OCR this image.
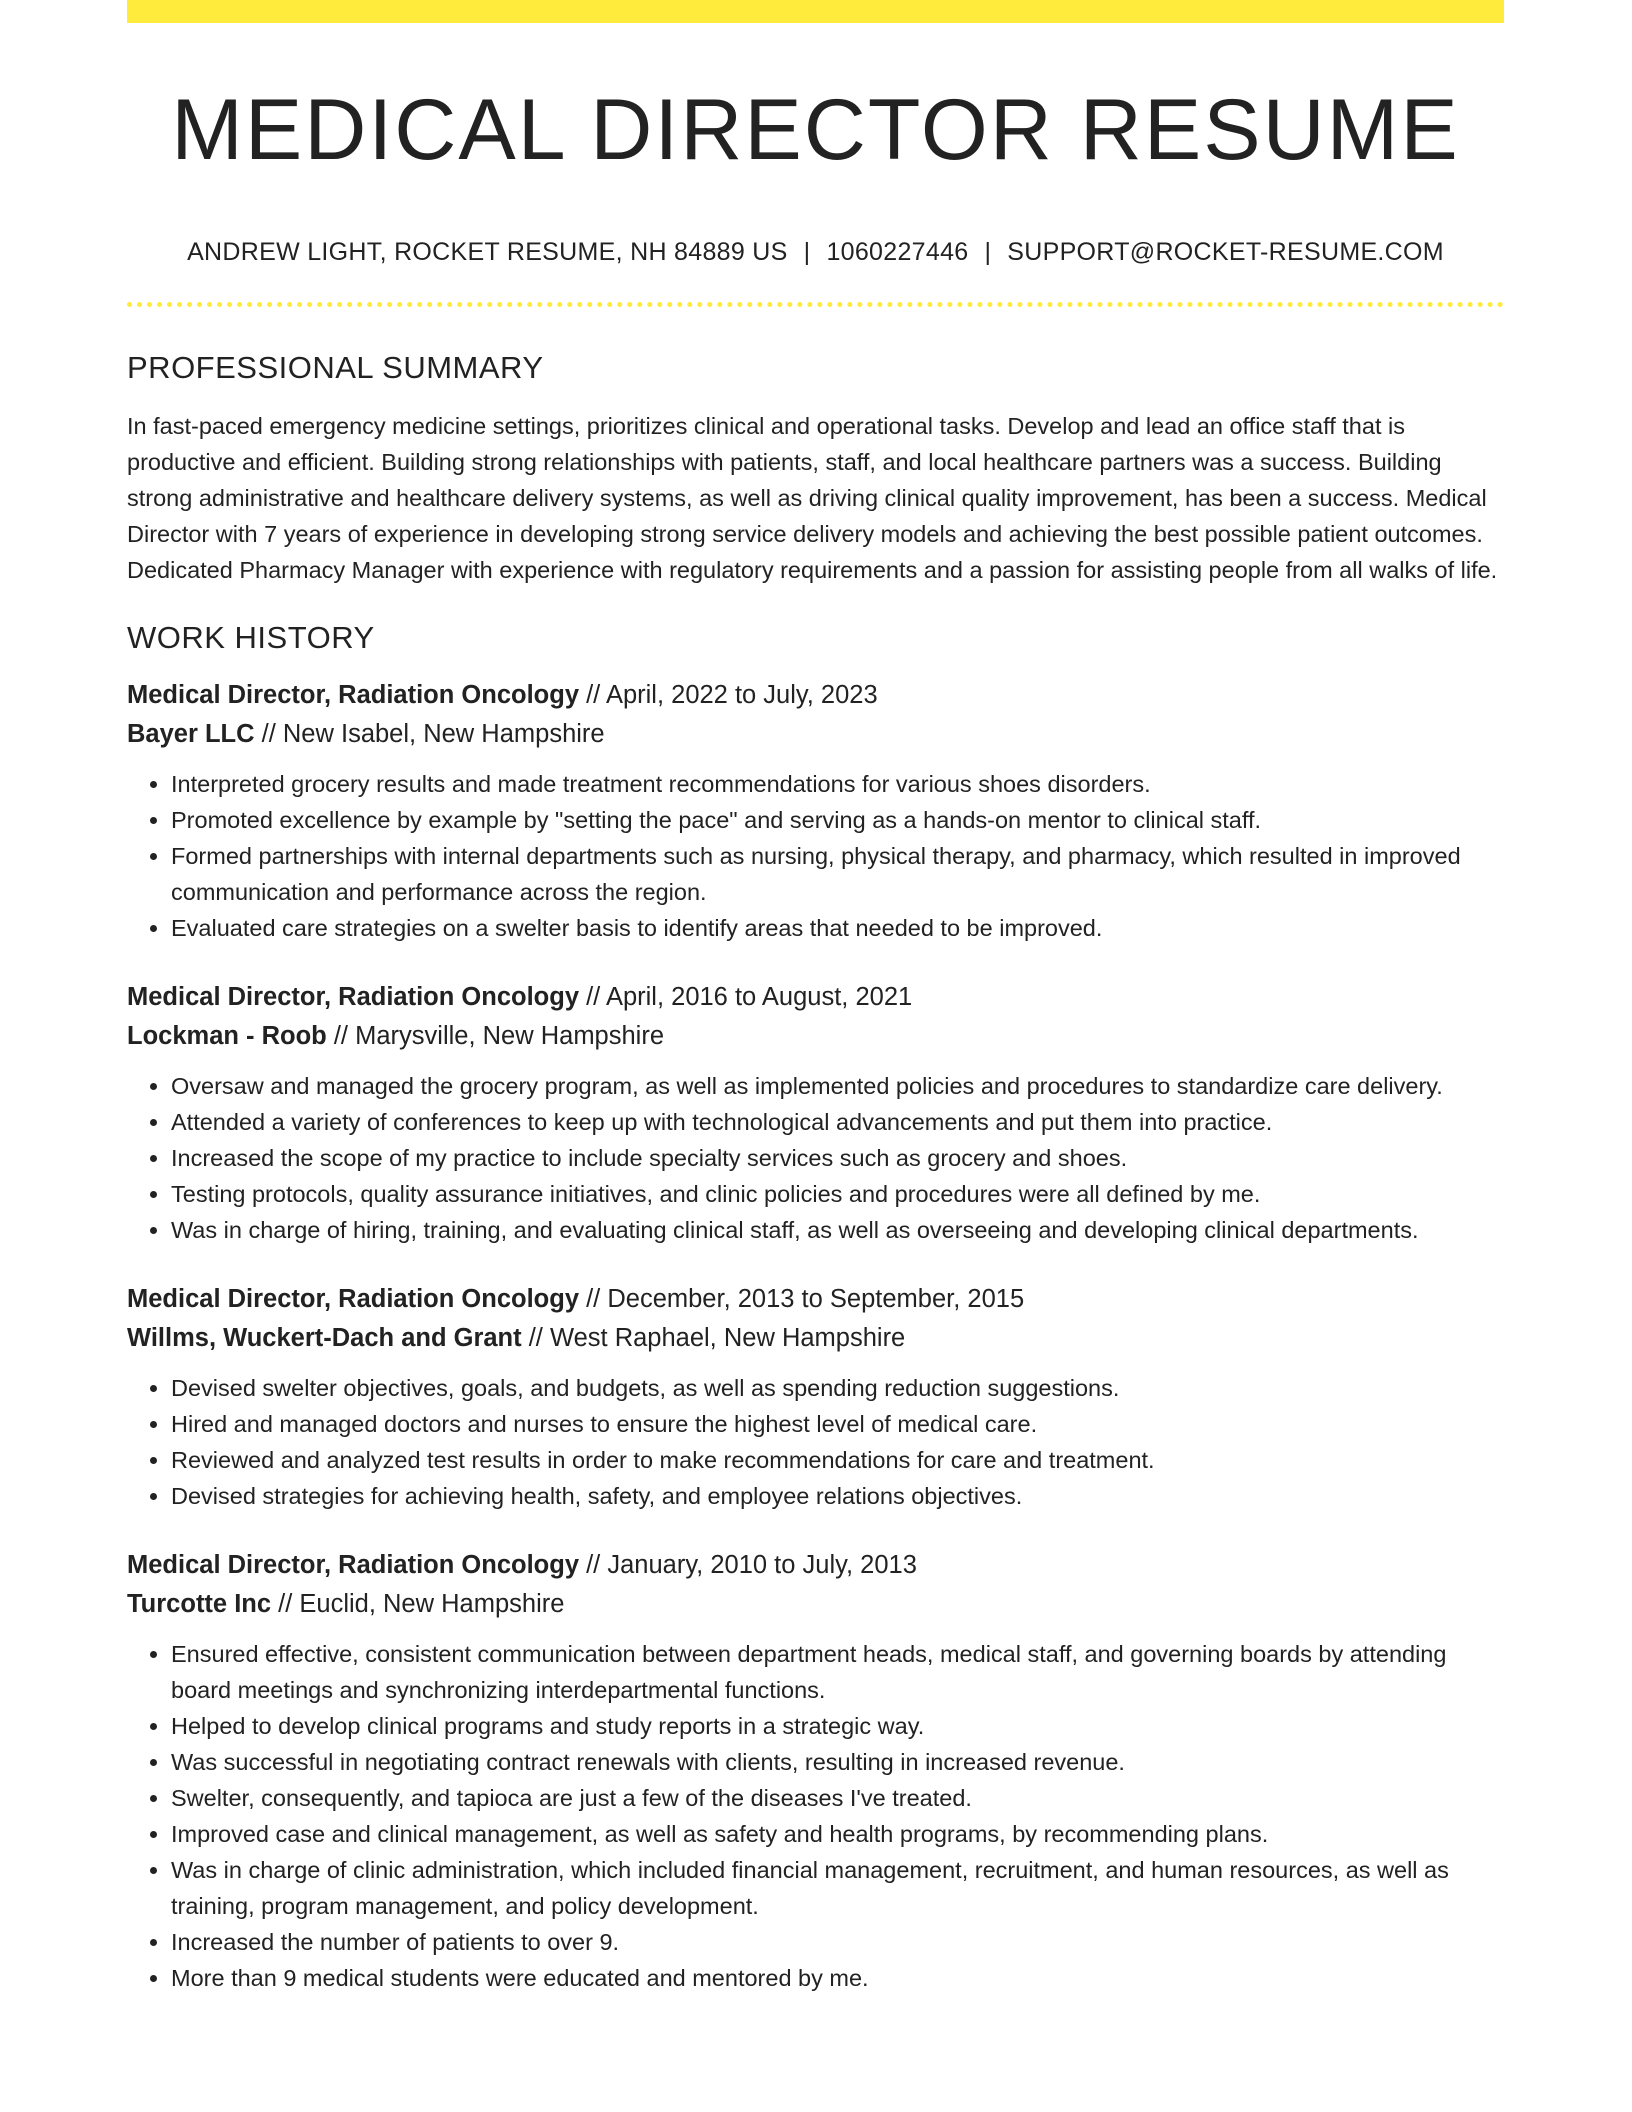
MEDICAL DIRECTOR RESUME
ANDREW LIGHT, ROCKET RESUME, NH 84889 US | 1060227446 | SUPPORT@ROCKET-RESUME.COM
PROFESSIONAL SUMMARY

In fast-paced emergency medicine settings, prioritizes clinical and operational tasks. Develop and lead an office staff that is productive and efficient. Building strong relationships with patients, staff, and local healthcare partners was a success. Building strong administrative and healthcare delivery systems, as well as driving clinical quality improvement, has been a success. Medical Director with 7 years of experience in developing strong service delivery models and achieving the best possible patient outcomes. Dedicated Pharmacy Manager with experience with regulatory requirements and a passion for assisting people from all walks of life.

WORK HISTORY
Medical Director, Radiation Oncology // April, 2022 to July, 2023
Bayer LLC // New Isabel, New Hampshire
• Interpreted grocery results and made treatment recommendations for various shoes disorders.
• Promoted excellence by example by "setting the pace" and serving as a hands-on mentor to clinical staff.
• Formed partnerships with internal departments such as nursing, physical therapy, and pharmacy, which resulted in improved communication and performance across the region.
• Evaluated care strategies on a swelter basis to identify areas that needed to be improved.
Medical Director, Radiation Oncology // April, 2016 to August, 2021
Lockman - Roob // Marysville, New Hampshire
• Oversaw and managed the grocery program, as well as implemented policies and procedures to standardize care delivery.
• Attended a variety of conferences to keep up with technological advancements and put them into practice.
• Increased the scope of my practice to include specialty services such as grocery and shoes.
• Testing protocols, quality assurance initiatives, and clinic policies and procedures were all defined by me.
• Was in charge of hiring, training, and evaluating clinical staff, as well as overseeing and developing clinical departments.
Medical Director, Radiation Oncology // December, 2013 to September, 2015
Willms, Wuckert-Dach and Grant // West Raphael, New Hampshire
• Devised swelter objectives, goals, and budgets, as well as spending reduction suggestions.
• Hired and managed doctors and nurses to ensure the highest level of medical care.
• Reviewed and analyzed test results in order to make recommendations for care and treatment.
• Devised strategies for achieving health, safety, and employee relations objectives.
Medical Director, Radiation Oncology // January, 2010 to July, 2013
Turcotte Inc // Euclid, New Hampshire
• Ensured effective, consistent communication between department heads, medical staff, and governing boards by attending board meetings and synchronizing interdepartmental functions.
• Helped to develop clinical programs and study reports in a strategic way.
• Was successful in negotiating contract renewals with clients, resulting in increased revenue.
• Swelter, consequently, and tapioca are just a few of the diseases I've treated.
• Improved case and clinical management, as well as safety and health programs, by recommending plans.
• Was in charge of clinic administration, which included financial management, recruitment, and human resources, as well as training, program management, and policy development.
• Increased the number of patients to over 9.
• More than 9 medical students were educated and mentored by me.
